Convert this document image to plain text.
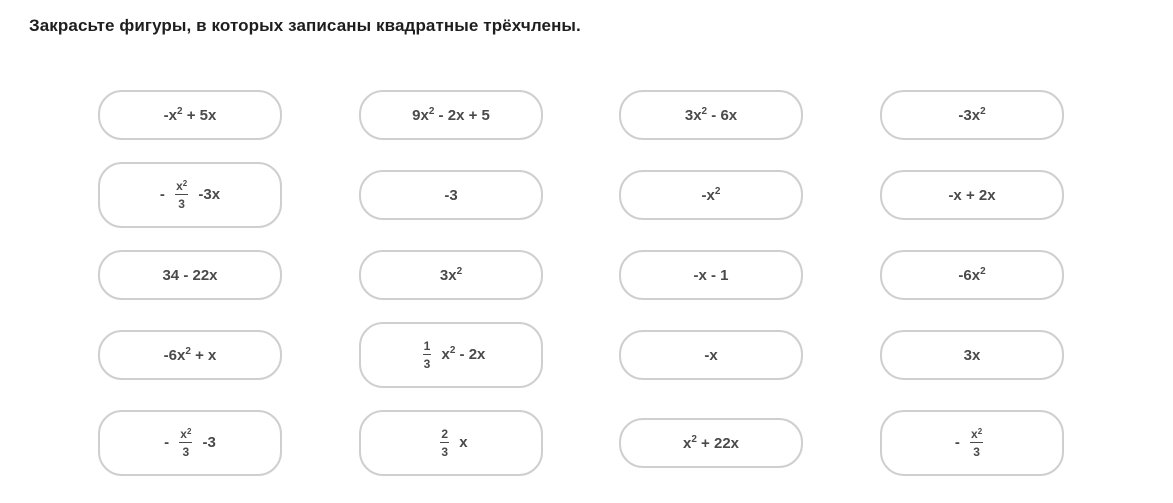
Закрасьте фигуры, в которых записаны квадратные трёхчлены.
$-x^2 + 5x$	$9x^2 - 2x + 5$	$3x^2 - 6x$	$-3x^2$
- $\frac{x^2}{3} -3x$	-3	$-x^2$	-x + 2x
34 - 22x	$3x^2$	-x - 1	$-6x^2$
$-6x^2 + x$	$\frac{1}{3} x^2 - 2x$	-x	3x
- $\frac{x^2}{3} -3$	$\frac{2}{3}$ x	$x^2 + 22x$	- $\frac{x^2}{3}$
